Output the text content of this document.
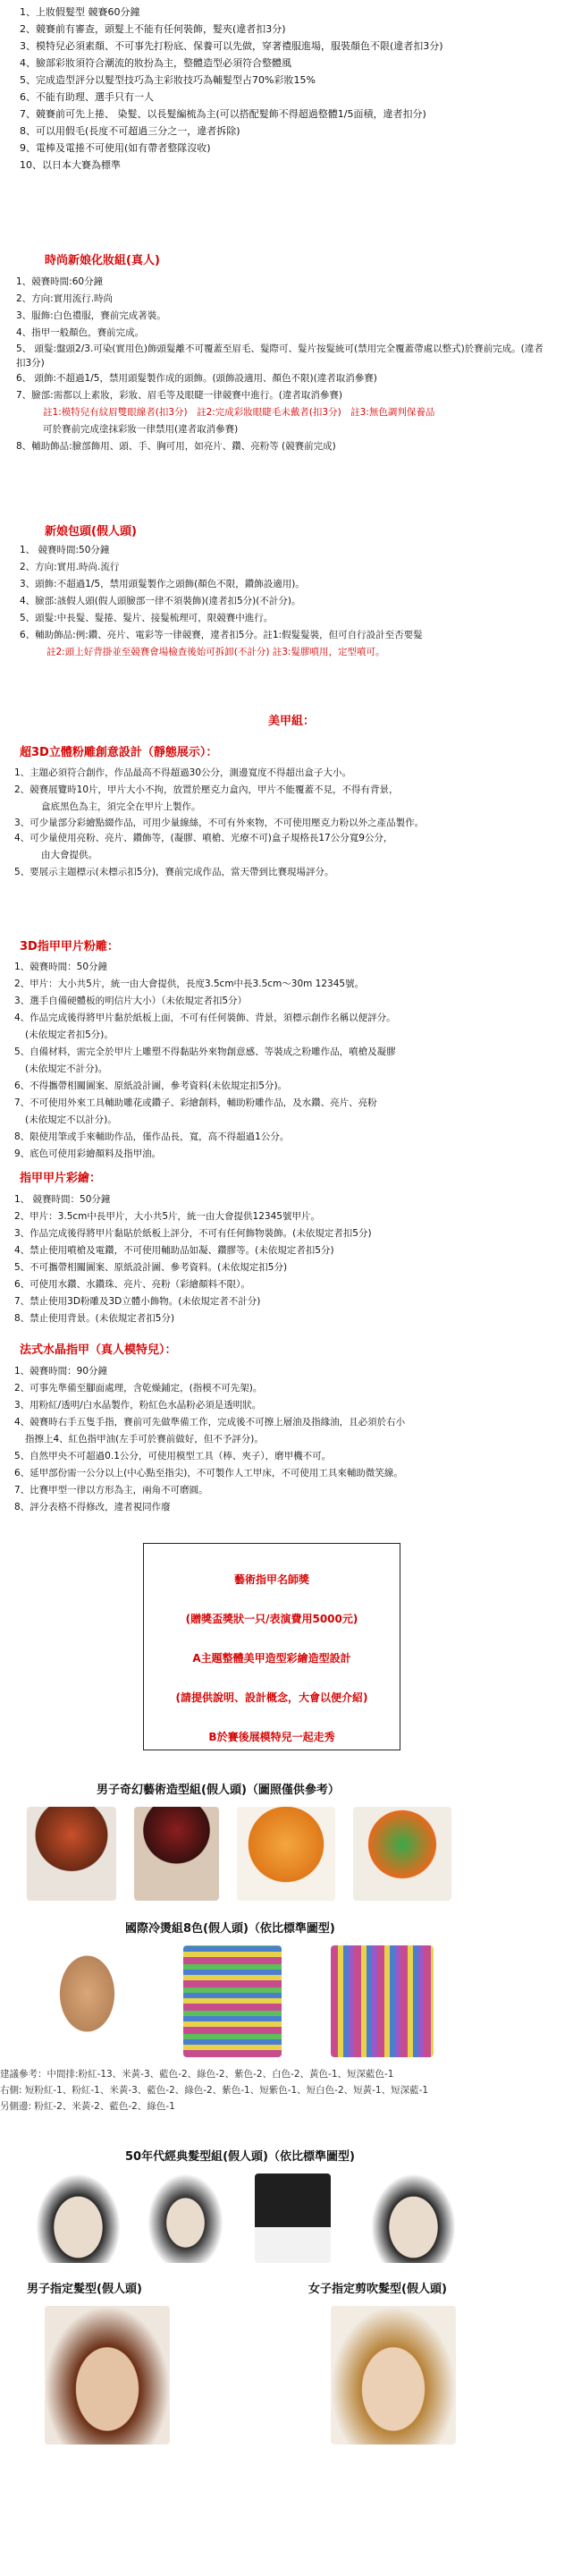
1、上妝假髮型 競賽60分鐘
2、競賽前有審查，頭髮上不能有任何裝飾，髮夾(違者扣3分)
3、模特兒必須素顏、不可事先打粉底、保養可以先做，穿著禮服進場，服裝顏色不限(違者扣3分)
4、臉部彩妝須符合潮流的妝扮為主，整體造型必須符合整體風
5、完成造型評分以髮型技巧為主彩妝技巧為輔髮型占70%彩妝15%
6、不能有助理、選手只有一人
7、競賽前可先上捲、 染髮、以長髮編梳為主(可以搭配髮飾不得超過整體1/5面積，違者扣分)
8、可以用假毛(長度不可超過三分之一，違者拆除)
9、電棒及電捲不可使用(如有帶者整隊沒收)
10、以日本大賽為標準
時尚新娘化妝組(真人)
1、競賽時間:60分鐘
2、方向:實用流行.時尚
3、服飾:白色禮服，賽前完成著裝。
4、指甲一般顏色，賽前完成。
5、 頭髮:盤頭2/3.可染(實用色)飾頭髮離不可覆蓋至眉毛、髮際可、髮片按髮統可(禁用完全覆蓋帶處以整式)於賽前完成。(違者扣3分)
6、 頭飾:不超過1/5，禁用頭髮製作成的頭飾。(頭飾設適用、顏色不限)(違者取消參賽)
7、臉部:需都以上素妝，彩妝、眉毛等及眼睫一律競賽中進行。(違者取消參賽)
註1:模特兒有紋眉雙眼線者(扣3分)　註2:完成彩妝眼睫毛未戴者(扣3分)　註3:無色調判保養品
可於賽前完成塗抹彩妝一律禁用(違者取消參賽)
8、輔助飾品:臉部飾用、頭、手、胸可用，如亮片、鑽、亮粉等 (競賽前完成)
新娘包頭(假人頭)
1、 競賽時間:50分鐘
2、方向:實用.時尚.流行
3、頭飾:不超過1/5，禁用頭髮製作之頭飾(顏色不限，鑽飾設適用)。
4、臉部:該假人頭(假人頭臉部一律不須裝飾)(違者扣5分)(不計分)。
5、頭髮:中長髮、髮捲、髮片、接髮梳理可，限競賽中進行。
6、輔助飾品:例:鑽、亮片、電彩等一律競賽，違者扣5分。註1:假髮髮裝，但可自行設計至否要髮
註2:頭上好背掛並至競賽會場檢查後始可拆卸(不計分) 註3:髮膠噴用，定型噴可。
美甲組：
超3D立體粉雕創意設計（靜態展示）：
1、主題必須符合創作，作品最高不得超過30公分，測邊寬度不得超出盒子大小。
2、競賽展覽時10片，甲片大小不拘，放置於壓克力盒內，甲片不能覆蓋不見，不得有背景，
盒底黑色為主，須完全在甲片上製作。
3、可少量部分彩繪點綴作品，可用少量線絲，不可有外來物，不可使用壓克力粉以外之產品製作。
4、可少量使用亮粉、亮片、鑽飾等，(凝膠、噴槍、光療不可)盒子規格長17公分寬9公分，
由大會提供。
5、要展示主題標示(未標示扣5分)，賽前完成作品，當天帶到比賽現場評分。
3D指甲甲片粉雕：
1、競賽時間：50分鐘
2、甲片：大小共5片，統一由大會提供，長度3.5cm中長3.5cm～30m 12345號。
3、選手自備硬體板的明信片大小）（未依規定者扣5分）
4、作品完成後得將甲片黏於紙板上面，不可有任何裝飾、背景，須標示創作名稱以便評分。
(未依規定者扣5分)。
5、自備材料，需完全於甲片上雕塑不得黏貼外來物創意感、等裝成之粉雕作品，噴槍及凝膠
(未依規定不計分)。
6、不得攜帶相關圖案、原紙設計圖，參考資料(未依規定扣5分)。
7、不可使用外來工具輔助雕花或鑽子、彩繪創料，輔助粉雕作品，及水鑽、亮片、亮粉
(未依規定不以計分)。
8、限使用筆或手來輔助作品，僅作品長，寬，高不得超過1公分。
9、底色可使用彩繪顏料及指甲油。
指甲甲片彩繪：
1、 競賽時間：50分鐘
2、甲片：3.5cm中長甲片，大小共5片，統一由大會提供12345號甲片。
3、作品完成後得將甲片黏貼於紙板上評分，不可有任何飾物裝飾。(未依規定者扣5分)
4、禁止使用噴槍及電鑽，不可使用輔助品如凝、鑽膠等。(未依規定者扣5分)
5、不可攜帶相關圖案、原紙設計圖、參考資料。(未依規定扣5分)
6、可使用水鑽、水鑽珠、亮片、亮粉（彩繪顏料不限）。
7、禁止使用3D粉雕及3D立體小飾物。(未依規定者不計分)
8、禁止使用背景。(未依規定者扣5分)
法式水晶指甲（真人模特兒）：
1、競賽時間：90分鐘
2、可事先準備至腳面處理，含乾燥鋪定，(指模不可先架)。
3、用粉紅/透明/白水晶製作，粉紅色水晶粉必須是透明狀。
4、競賽時右手五隻手指，賽前可先做準備工作，完成後不可擦上層油及指緣油，且必須於右小
指擦上4、紅色指甲油(左手可於賽前做好，但不予評分)。
5、自然甲央不可超過0.1公分，可使用模型工具（棒、夾子），磨甲機不可。
6、延甲部份需一公分以上(中心點至指尖)，不可製作人工甲床，不可使用工具來輔助微笑線。
7、比賽甲型一律以方形為主，兩角不可磨圓。
8、評分表格不得修改，違者視同作廢

藝術指甲名師獎

(贈獎盃獎狀一只/表演費用5000元)

A主題整體美甲造型彩繪造型設計

(請提供說明、設計概念，大會以便介紹)

B於賽後展模特兒一起走秀

男子奇幻藝術造型組(假人頭)（圖照僅供參考）
國際冷燙組8色(假人頭)（依比標準圖型)
建議參考：中間排:粉紅-13、米黃-3、藍色-2、綠色-2、紫色-2、白色-2、黃色-1、短深藍色-1
右側: 短粉紅-1、粉紅-1、米黃-3、藍色-2、綠色-2、紫色-1、短紫色-1、短白色-2、短黃-1、短深藍-1
另側邊: 粉紅-2、米黃-2、藍色-2、綠色-1
50年代經典髮型組(假人頭)（依比標準圖型)
男子指定髮型(假人頭)	女子指定剪吹髮型(假人頭)
